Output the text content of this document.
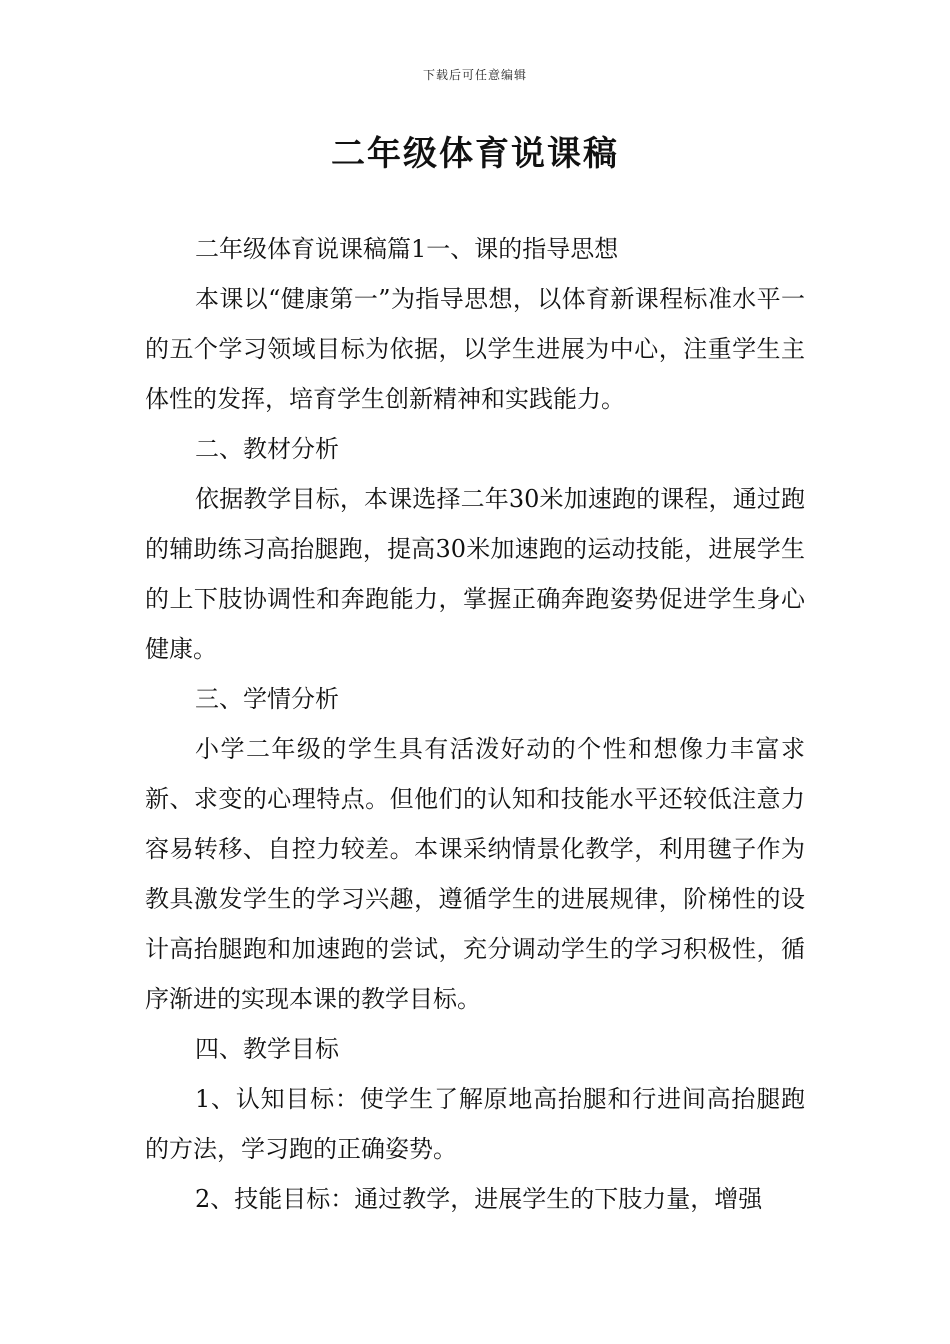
下载后可任意编辑
二年级体育说课稿

二年级体育说课稿篇1一、课的指导思想

本课以“健康第一”为指导思想，以体育新课程标准水平一的五个学习领域目标为依据，以学生进展为中心，注重学生主体性的发挥，培育学生创新精神和实践能力。

二、教材分析

依据教学目标，本课选择二年30米加速跑的课程，通过跑的辅助练习高抬腿跑，提高30米加速跑的运动技能，进展学生的上下肢协调性和奔跑能力，掌握正确奔跑姿势促进学生身心健康。

三、学情分析

小学二年级的学生具有活泼好动的个性和想像力丰富求新、求变的心理特点。但他们的认知和技能水平还较低注意力容易转移、自控力较差。本课采纳情景化教学，利用毽子作为教具激发学生的学习兴趣，遵循学生的进展规律，阶梯性的设计高抬腿跑和加速跑的尝试，充分调动学生的学习积极性，循序渐进的实现本课的教学目标。

四、教学目标

1、认知目标：使学生了解原地高抬腿和行进间高抬腿跑的方法，学习跑的正确姿势。

2、技能目标：通过教学，进展学生的下肢力量，增强
